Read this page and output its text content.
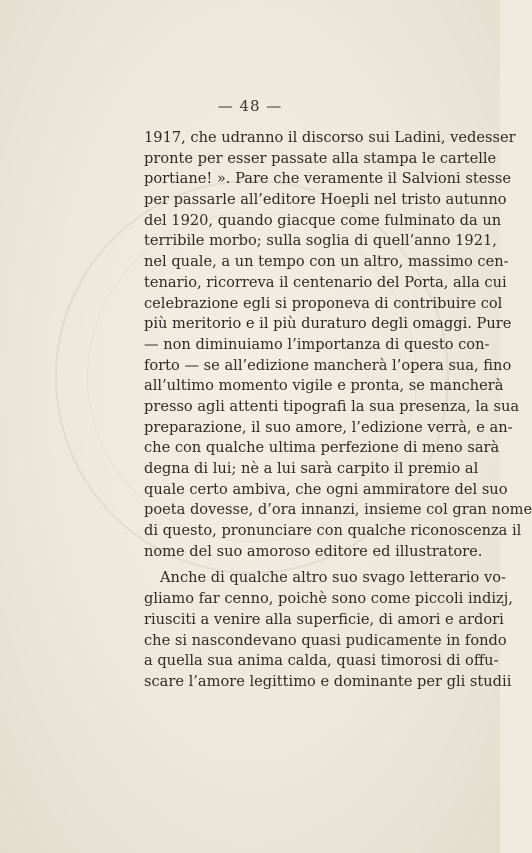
— 48 —
1917, che udranno il discorso sui Ladini, vedesser
pronte per esser passate alla stampa le cartelle
portiane! ». Pare che veramente il Salvioni stesse
per passarle all’editore Hoepli nel tristo autunno
del 1920, quando giacque come fulminato da un
terribile morbo; sulla soglia di quell’anno 1921,
nel quale, a un tempo con un altro, massimo cen-
tenario, ricorreva il centenario del Porta, alla cui
celebrazione egli si proponeva di contribuire col
più meritorio e il più duraturo degli omaggi. Pure
— non diminuiamo l’importanza di questo con-
forto — se all’edizione mancherà l’opera sua, fino
all’ultimo momento vigile e pronta, se mancherà
presso agli attenti tipografi la sua presenza, la sua
preparazione, il suo amore, l’edizione verrà, e an-
che con qualche ultima perfezione di meno sarà
degna di lui; nè a lui sarà carpito il premio al
quale certo ambiva, che ogni ammiratore del suo
poeta dovesse, d’ora innanzi, insieme col gran nome
di questo, pronunciare con qualche riconoscenza il
nome del suo amoroso editore ed illustratore.
Anche di qualche altro suo svago letterario vo-
gliamo far cenno, poichè sono come piccoli indizj,
riusciti a venire alla superficie, di amori e ardori
che si nascondevano quasi pudicamente in fondo
a quella sua anima calda, quasi timorosi di offu-
scare l’amore legittimo e dominante per gli studii
